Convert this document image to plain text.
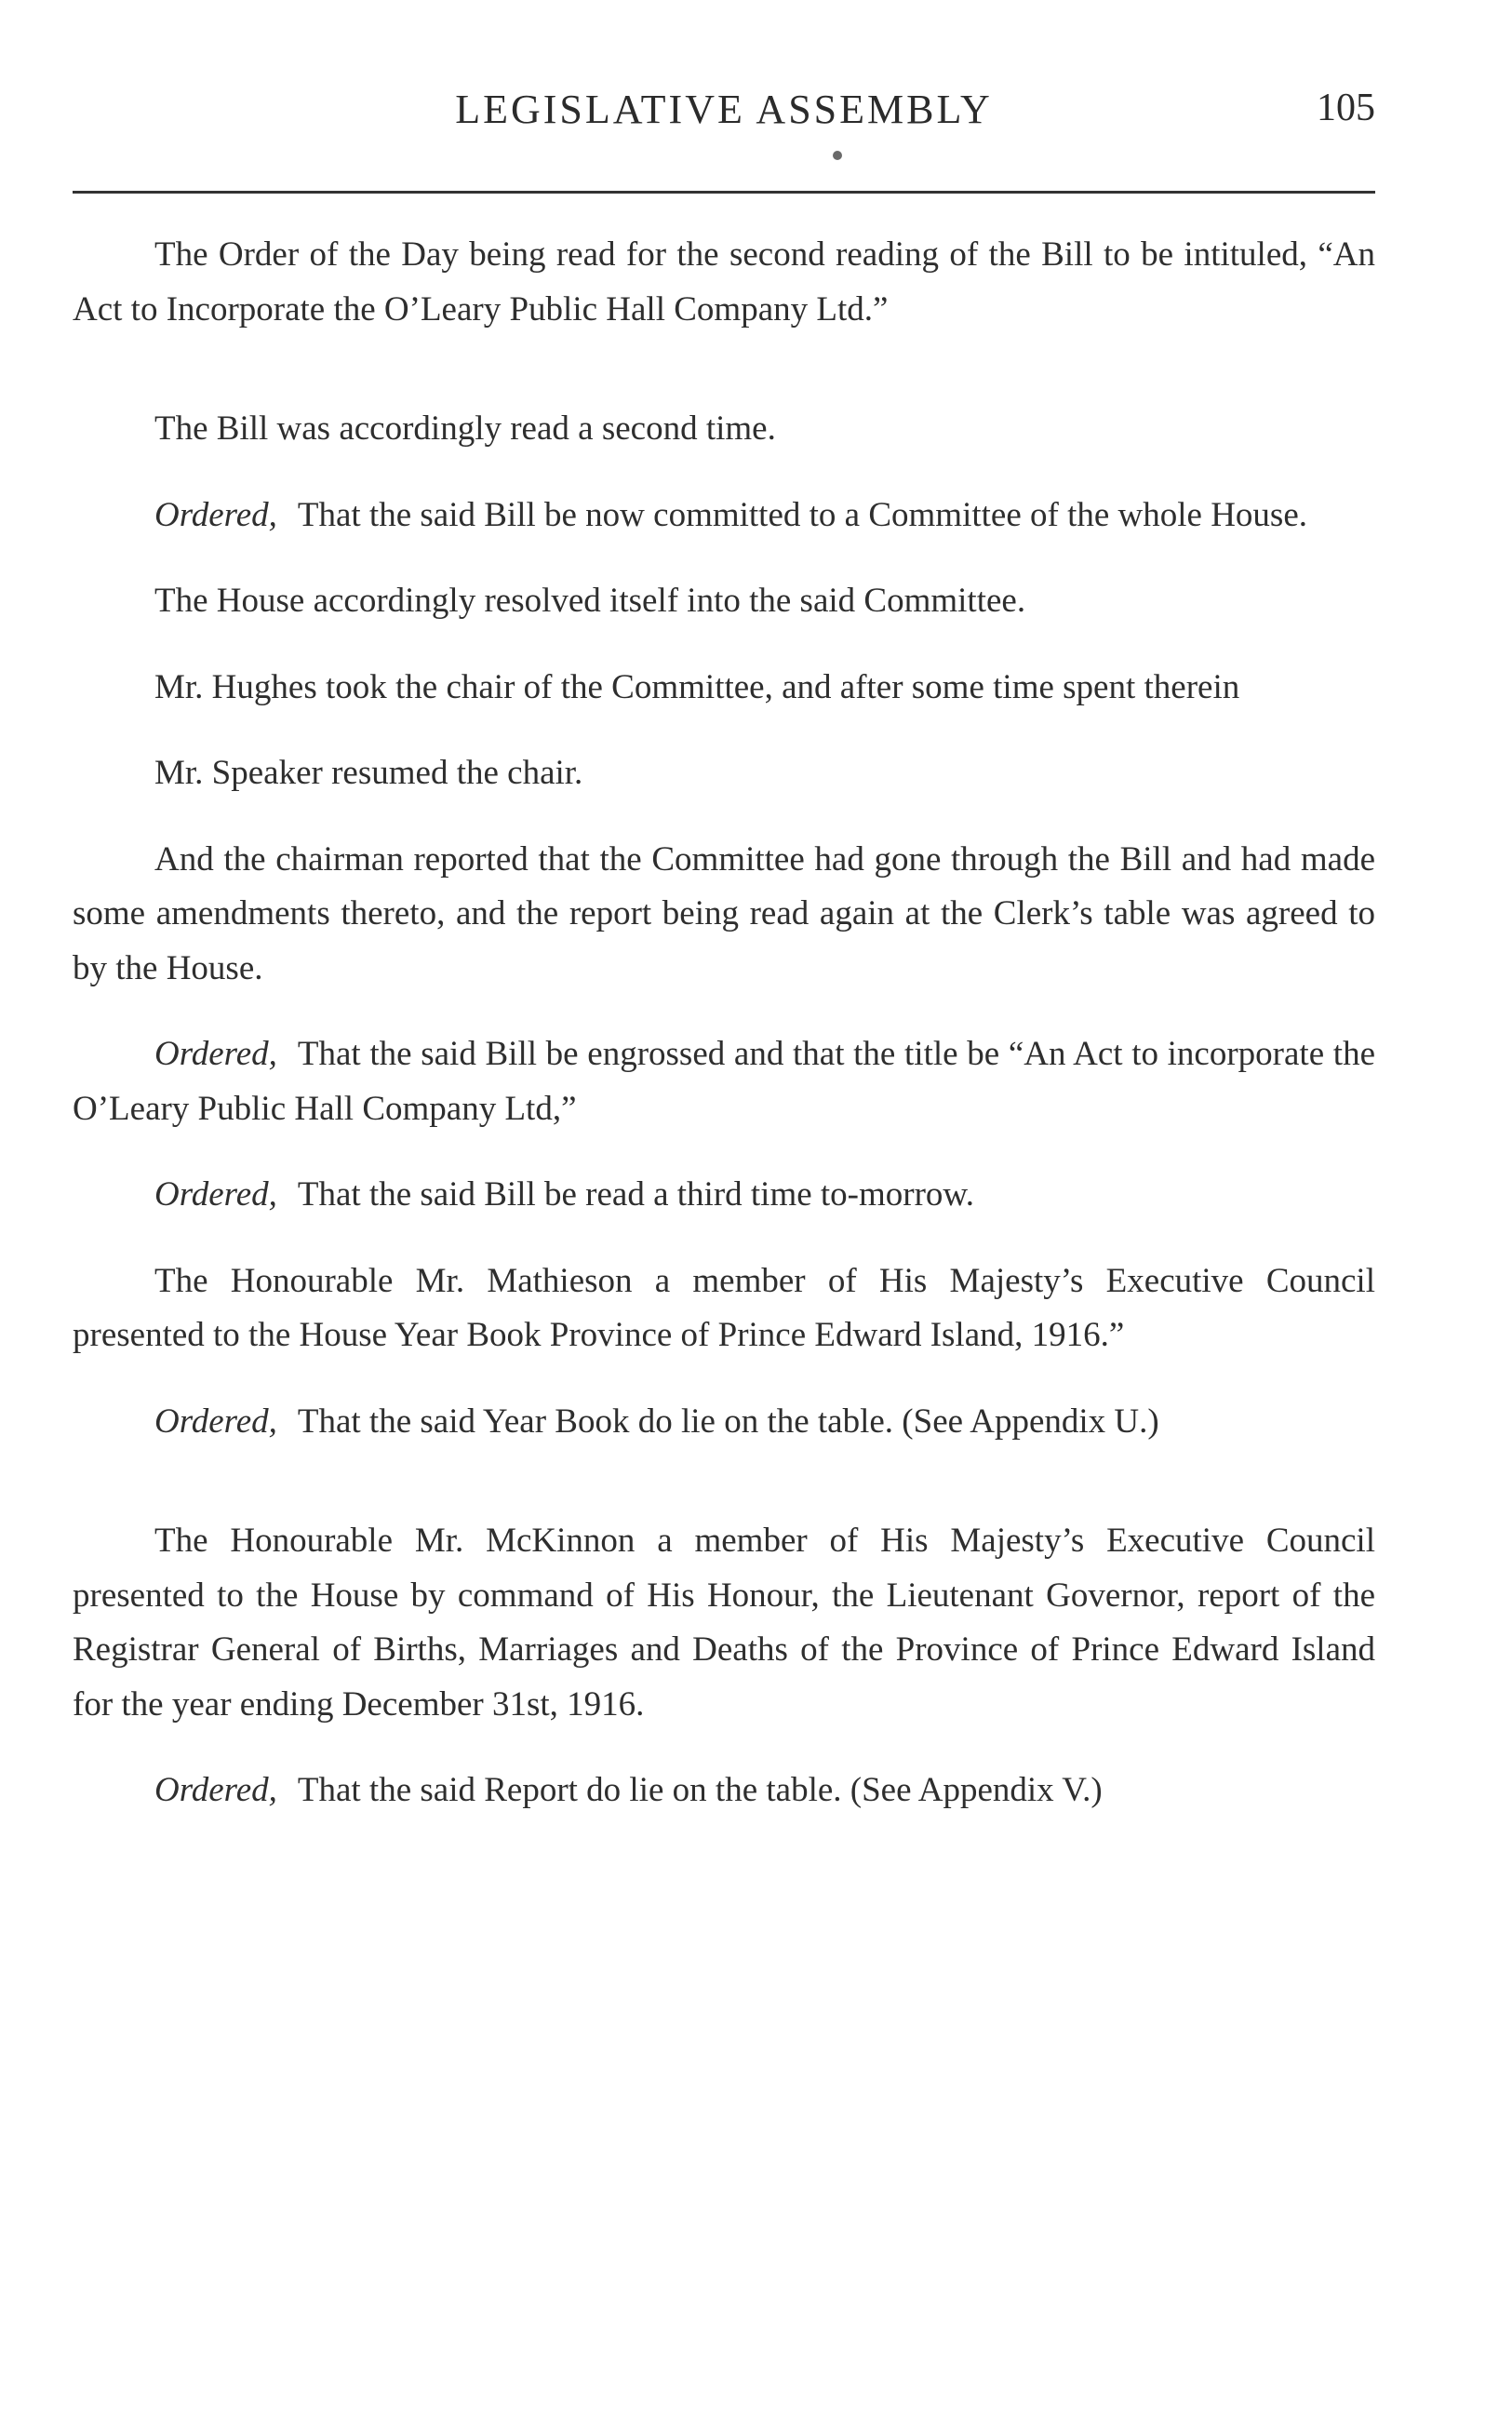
LEGISLATIVE ASSEMBLY	105

The Order of the Day being read for the second reading of the Bill to be intituled, “An Act to Incorporate the O’Leary Public Hall Company Ltd.”

The Bill was accordingly read a second time.

Ordered, That the said Bill be now committed to a Committee of the whole House.

The House accordingly resolved itself into the said Committee.

Mr. Hughes took the chair of the Committee, and after some time spent therein

Mr. Speaker resumed the chair.

And the chairman reported that the Committee had gone through the Bill and had made some amendments thereto, and the report being read again at the Clerk’s table was agreed to by the House.

Ordered, That the said Bill be engrossed and that the title be “An Act to incorporate the O’Leary Public Hall Company Ltd,”

Ordered, That the said Bill be read a third time to-morrow.

The Honourable Mr. Mathieson a member of His Majesty’s Executive Council presented to the House Year Book Province of Prince Edward Island, 1916.”

Ordered, That the said Year Book do lie on the table. (See Appendix U.)

The Honourable Mr. McKinnon a member of His Majesty’s Executive Council presented to the House by command of His Honour, the Lieutenant Governor, report of the Registrar General of Births, Marriages and Deaths of the Province of Prince Edward Island for the year ending December 31st, 1916.

Ordered, That the said Report do lie on the table. (See Appendix V.)
